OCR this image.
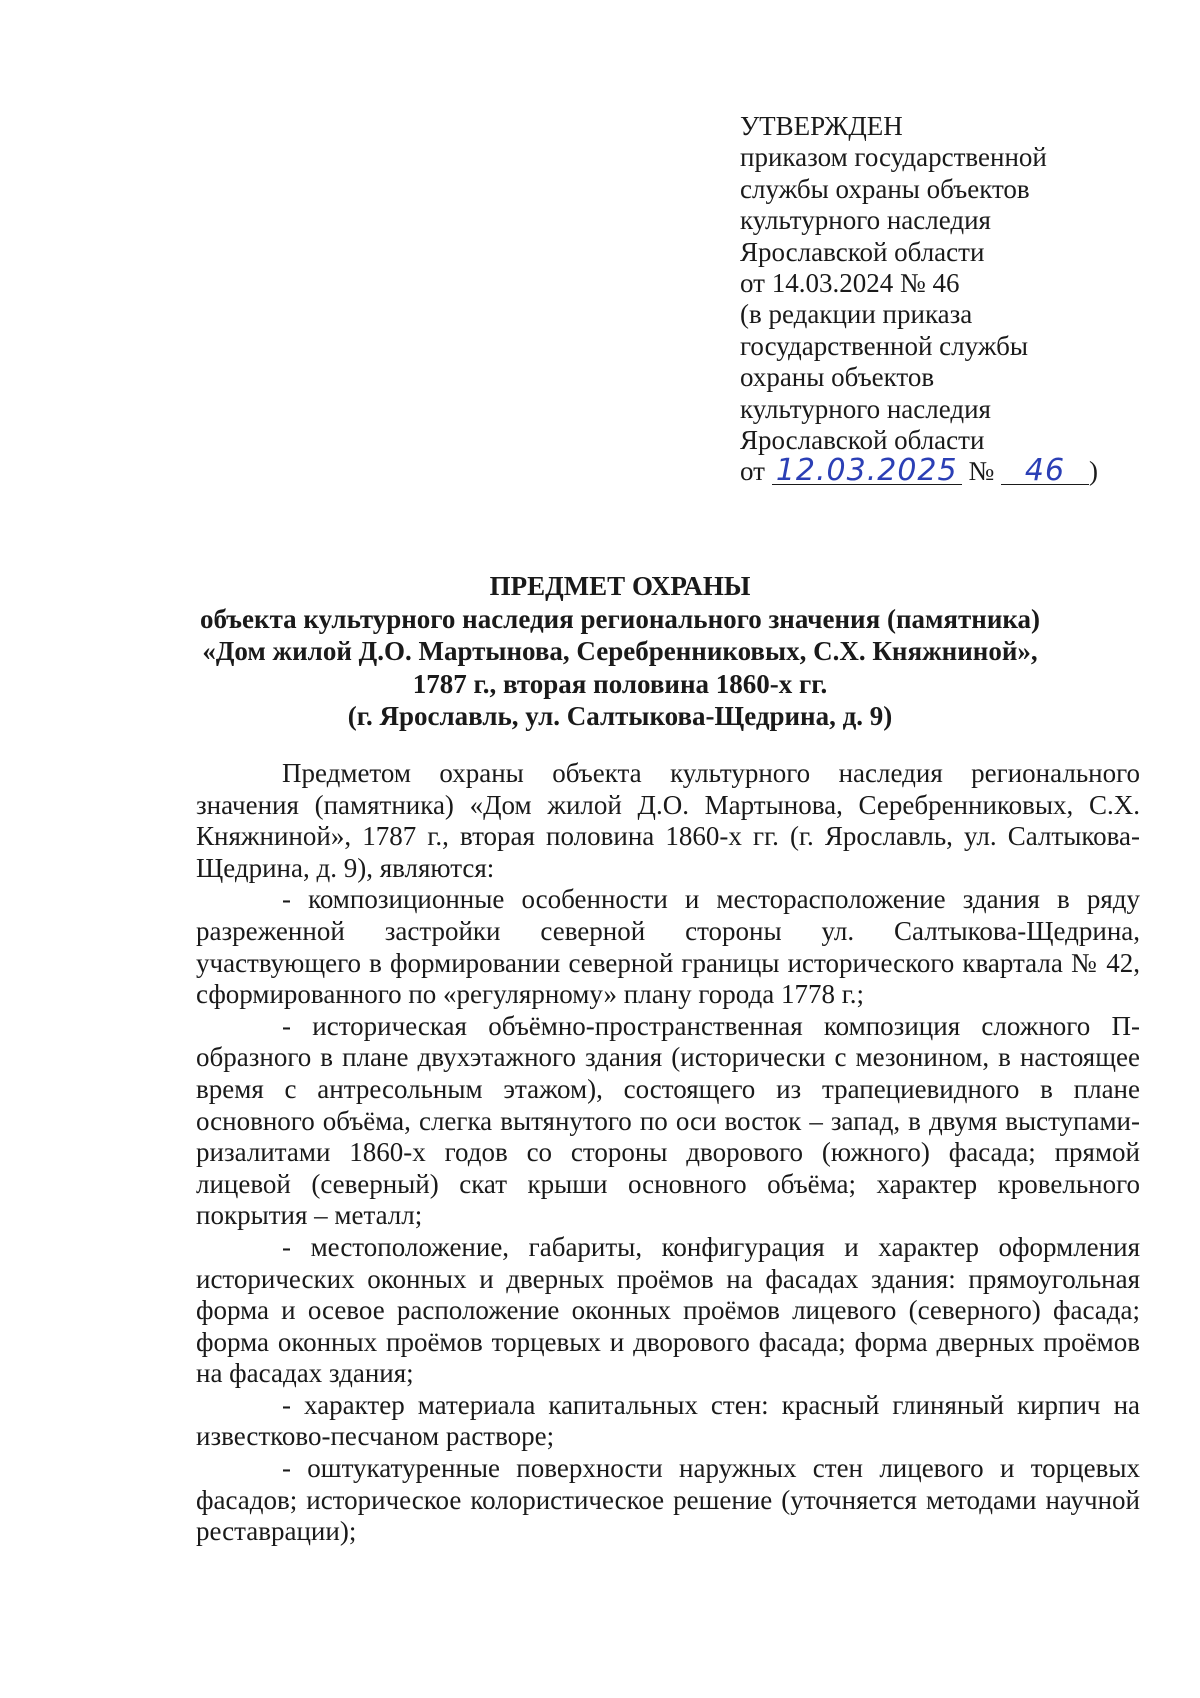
УТВЕРЖДЕН
приказом государственной
службы охраны объектов
культурного наследия
Ярославской области
от 14.03.2024 № 46
(в редакции приказа
государственной службы
охраны объектов
культурного наследия
Ярославской области
от 12.03.2025 № 46 )
ПРЕДМЕТ ОХРАНЫ
объекта культурного наследия регионального значения (памятника)
«Дом жилой Д.О. Мартынова, Серебренниковых, С.Х. Княжниной»,
1787 г., вторая половина 1860-х гг.
(г. Ярославль, ул. Салтыкова-Щедрина, д. 9)

Предметом охраны объекта культурного наследия регионального значения (памятника) «Дом жилой Д.О. Мартынова, Серебренниковых, С.Х. Княжниной», 1787 г., вторая половина 1860-х гг. (г. Ярославль, ул. Салтыкова-Щедрина, д. 9), являются:

- композиционные особенности и месторасположение здания в ряду разреженной застройки северной стороны ул. Салтыкова-Щедрина, участвующего в формировании северной границы исторического квартала № 42, сформированного по «регулярному» плану города 1778 г.;

- историческая объёмно-пространственная композиция сложного П-образного в плане двухэтажного здания (исторически с мезонином, в настоящее время с антресольным этажом), состоящего из трапециевидного в плане основного объёма, слегка вытянутого по оси восток – запад, в двумя выступами-ризалитами 1860-х годов со стороны дворового (южного) фасада; прямой лицевой (северный) скат крыши основного объёма; характер кровельного покрытия – металл;

- местоположение, габариты, конфигурация и характер оформления исторических оконных и дверных проёмов на фасадах здания: прямоугольная форма и осевое расположение оконных проёмов лицевого (северного) фасада; форма оконных проёмов торцевых и дворового фасада; форма дверных проёмов на фасадах здания;

- характер материала капитальных стен: красный глиняный кирпич на известково-песчаном растворе;

- оштукатуренные поверхности наружных стен лицевого и торцевых фасадов; историческое колористическое решение (уточняется методами научной реставрации);
